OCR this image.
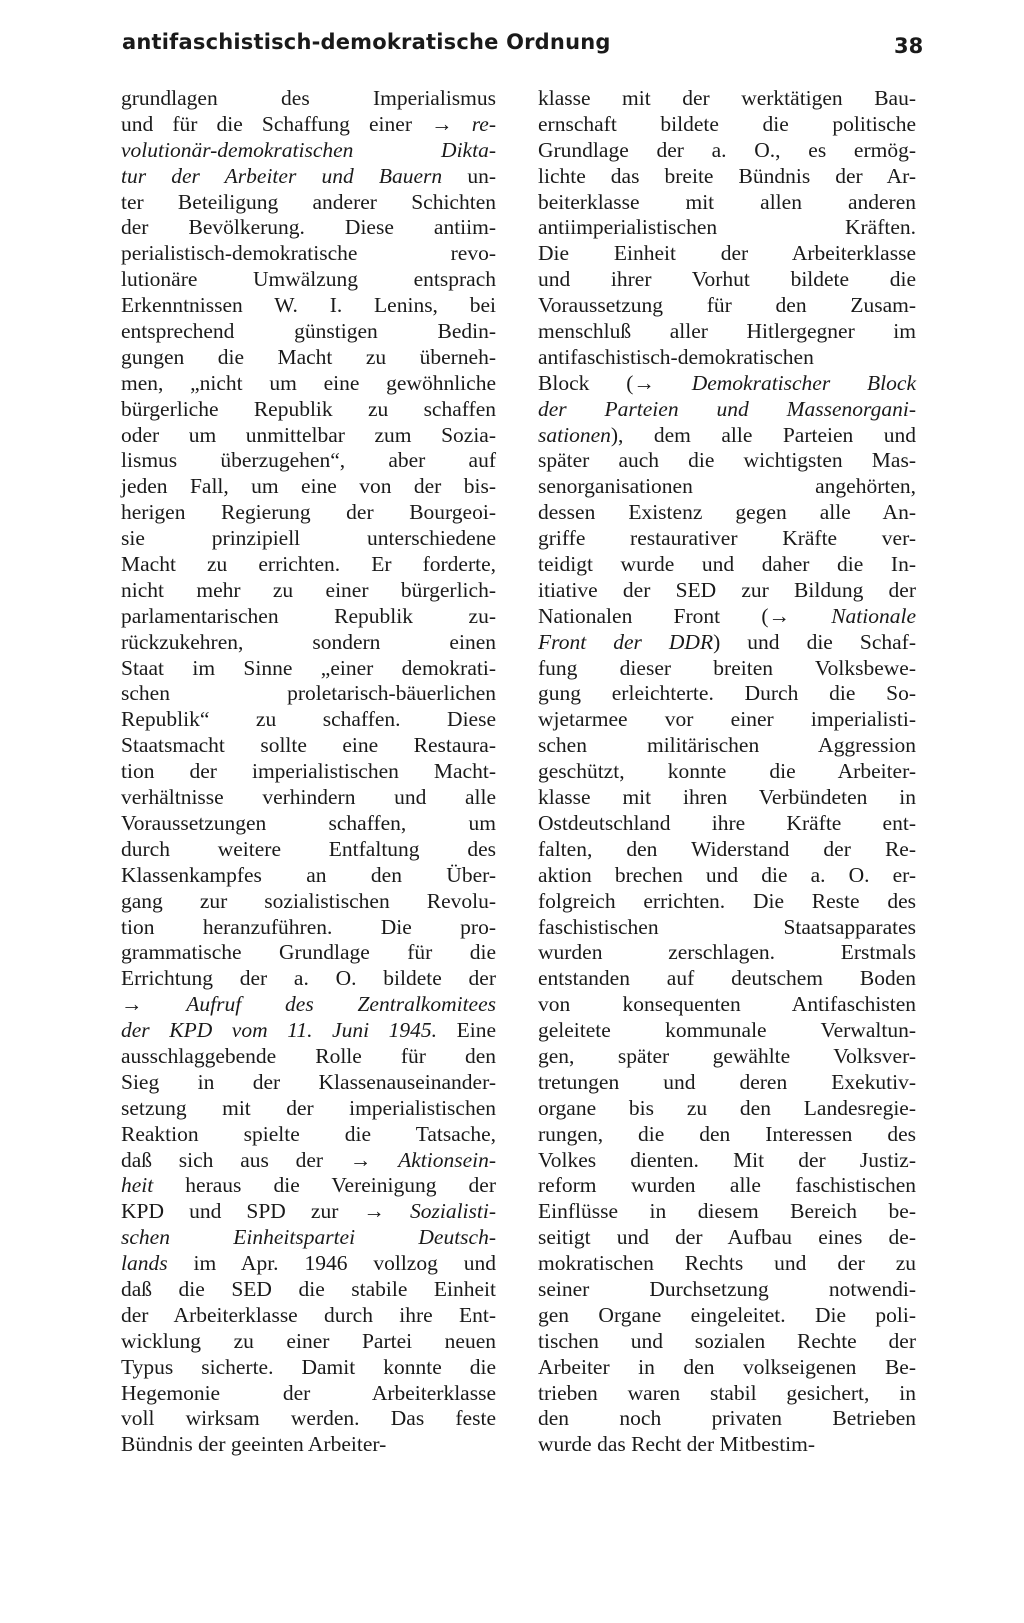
antifaschistisch-demokratische Ordnung	38
grundlagen des Imperialismus
und für die Schaffung einer → re-
volutionär-demokratischen Dikta-
tur der Arbeiter und Bauern un-
ter Beteiligung anderer Schichten
der Bevölkerung. Diese antiim-
perialistisch-demokratische revo-
lutionäre Umwälzung entsprach
Erkenntnissen W. I. Lenins, bei
entsprechend günstigen Bedin-
gungen die Macht zu überneh-
men, „nicht um eine gewöhnliche
bürgerliche Republik zu schaffen
oder um unmittelbar zum Sozia-
lismus überzugehen“, aber auf
jeden Fall, um eine von der bis-
herigen Regierung der Bourgeoi-
sie prinzipiell unterschiedene
Macht zu errichten. Er forderte,
nicht mehr zu einer bürgerlich-
parlamentarischen Republik zu-
rückzukehren, sondern einen
Staat im Sinne „einer demokrati-
schen proletarisch-bäuerlichen
Republik“ zu schaffen. Diese
Staatsmacht sollte eine Restaura-
tion der imperialistischen Macht-
verhältnisse verhindern und alle
Voraussetzungen schaffen, um
durch weitere Entfaltung des
Klassenkampfes an den Über-
gang zur sozialistischen Revolu-
tion heranzuführen. Die pro-
grammatische Grundlage für die
Errichtung der a. O. bildete der
→ Aufruf des Zentralkomitees
der KPD vom 11. Juni 1945. Eine
ausschlaggebende Rolle für den
Sieg in der Klassenauseinander-
setzung mit der imperialistischen
Reaktion spielte die Tatsache,
daß sich aus der → Aktionsein-
heit heraus die Vereinigung der
KPD und SPD zur → Sozialisti-
schen Einheitspartei Deutsch-
lands im Apr. 1946 vollzog und
daß die SED die stabile Einheit
der Arbeiterklasse durch ihre Ent-
wicklung zu einer Partei neuen
Typus sicherte. Damit konnte die
Hegemonie der Arbeiterklasse
voll wirksam werden. Das feste
Bündnis der geeinten Arbeiter-
klasse mit der werktätigen Bau-
ernschaft bildete die politische
Grundlage der a. O., es ermög-
lichte das breite Bündnis der Ar-
beiterklasse mit allen anderen
antiimperialistischen Kräften.
Die Einheit der Arbeiterklasse
und ihrer Vorhut bildete die
Voraussetzung für den Zusam-
menschluß aller Hitlergegner im
antifaschistisch-demokratischen
Block (→ Demokratischer Block
der Parteien und Massenorgani-
sationen), dem alle Parteien und
später auch die wichtigsten Mas-
senorganisationen angehörten,
dessen Existenz gegen alle An-
griffe restaurativer Kräfte ver-
teidigt wurde und daher die In-
itiative der SED zur Bildung der
Nationalen Front (→ Nationale
Front der DDR) und die Schaf-
fung dieser breiten Volksbewe-
gung erleichterte. Durch die So-
wjetarmee vor einer imperialisti-
schen militärischen Aggression
geschützt, konnte die Arbeiter-
klasse mit ihren Verbündeten in
Ostdeutschland ihre Kräfte ent-
falten, den Widerstand der Re-
aktion brechen und die a. O. er-
folgreich errichten. Die Reste des
faschistischen Staatsapparates
wurden zerschlagen. Erstmals
entstanden auf deutschem Boden
von konsequenten Antifaschisten
geleitete kommunale Verwaltun-
gen, später gewählte Volksver-
tretungen und deren Exekutiv-
organe bis zu den Landesregie-
rungen, die den Interessen des
Volkes dienten. Mit der Justiz-
reform wurden alle faschistischen
Einflüsse in diesem Bereich be-
seitigt und der Aufbau eines de-
mokratischen Rechts und der zu
seiner Durchsetzung notwendi-
gen Organe eingeleitet. Die poli-
tischen und sozialen Rechte der
Arbeiter in den volkseigenen Be-
trieben waren stabil gesichert, in
den noch privaten Betrieben
wurde das Recht der Mitbestim-
